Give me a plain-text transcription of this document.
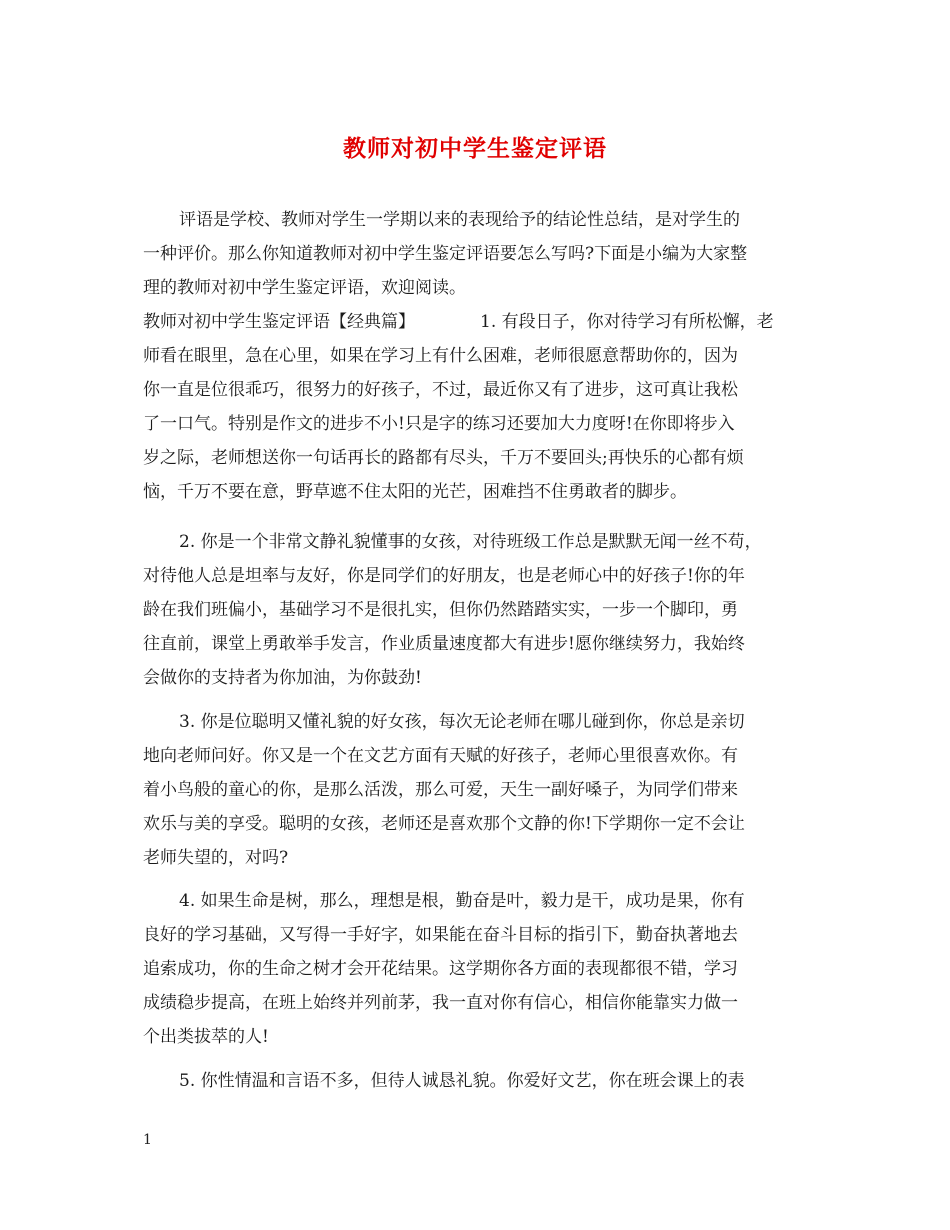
教师对初中学生鉴定评语
评语是学校、教师对学生一学期以来的表现给予的结论性总结，是对学生的
一种评价。那么你知道教师对初中学生鉴定评语要怎么写吗?下面是小编为大家整
理的教师对初中学生鉴定评语，欢迎阅读。
教师对初中学生鉴定评语【经典篇】	1. 有段日子，你对待学习有所松懈，老
师看在眼里，急在心里，如果在学习上有什么困难，老师很愿意帮助你的，因为
你一直是位很乖巧，很努力的好孩子，不过，最近你又有了进步，这可真让我松
了一口气。特别是作文的进步不小!只是字的练习还要加大力度呀!在你即将步入
岁之际，老师想送你一句话再长的路都有尽头，千万不要回头;再快乐的心都有烦
恼，千万不要在意，野草遮不住太阳的光芒，困难挡不住勇敢者的脚步。
2. 你是一个非常文静礼貌懂事的女孩，对待班级工作总是默默无闻一丝不苟，
对待他人总是坦率与友好，你是同学们的好朋友，也是老师心中的好孩子!你的年
龄在我们班偏小，基础学习不是很扎实，但你仍然踏踏实实，一步一个脚印，勇
往直前，课堂上勇敢举手发言，作业质量速度都大有进步!愿你继续努力，我始终
会做你的支持者为你加油，为你鼓劲!
3. 你是位聪明又懂礼貌的好女孩，每次无论老师在哪儿碰到你，你总是亲切
地向老师问好。你又是一个在文艺方面有天赋的好孩子，老师心里很喜欢你。有
着小鸟般的童心的你，是那么活泼，那么可爱，天生一副好嗓子，为同学们带来
欢乐与美的享受。聪明的女孩，老师还是喜欢那个文静的你!下学期你一定不会让
老师失望的，对吗?
4. 如果生命是树，那么，理想是根，勤奋是叶，毅力是干，成功是果，你有
良好的学习基础，又写得一手好字，如果能在奋斗目标的指引下，勤奋执著地去
追索成功，你的生命之树才会开花结果。这学期你各方面的表现都很不错，学习
成绩稳步提高，在班上始终并列前茅，我一直对你有信心，相信你能靠实力做一
个出类拔萃的人!
5. 你性情温和言语不多，但待人诚恳礼貌。你爱好文艺，你在班会课上的表
1
